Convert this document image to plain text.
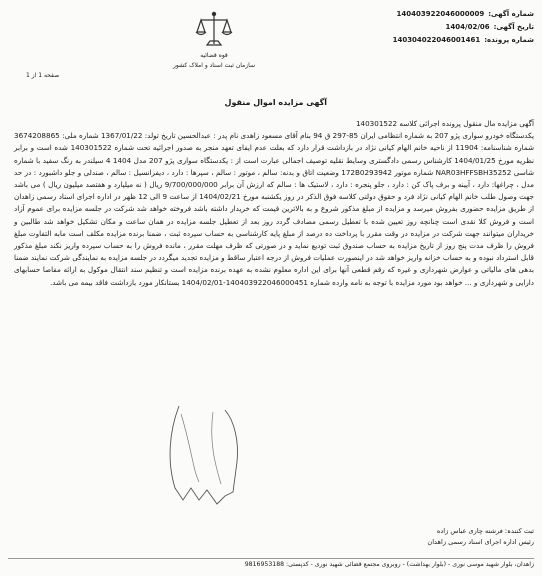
شماره آگهی:
140403922046000009
تاریخ آگهی:
1404/02/06
شماره پرونده:
140304022046001461
قوه قضائیه
سازمان ثبت اسناد و املاک کشور
صفحه 1 از 1
آگهی مزایده اموال منقول

آگهی مزایده مال منقول پرونده اجرائی کلاسه 140301522

یکدستگاه خودرو سواری پژو 207 به شماره انتظامی ایران 85-297 ق 94 بنام آقای مسعود زاهدی نام پدر : عبدالحسین تاریخ تولد: 1367/01/22 شماره ملی: 3674208865 شماره شناسنامه: 11904 از ناحیه خانم الهام کیانی نژاد در بازداشت قرار دارد که بعلت عدم ایفای تعهد منجر به صدور اجرائیه تحت شماره 140301522 شده است و برابر نظریه مورخ 1404/01/25 کارشناس رسمی دادگستری وسایط نقلیه توصیف اجمالی عبارت است از : یکدستگاه سواری پژو 207 مدل 1404 4 سیلندر به رنگ سفید با شماره شاسی NAR03HFFSBH35252 شماره موتور 172B0293942 وضعیت اتاق و بدنه: سالم ، موتور : سالم ، سپرها : دارد ، دیفرانسیل : سالم ، صندلی و جلو داشبورد : در حد مدل ، چراغها: دارد ، آیینه و برف پاک کن : دارد ، جلو پنجره : دارد ، لاستیک ها : سالم که ارزش آن برابر 9/700/000/000 ریال ( نه میلیارد و هفتصد میلیون ریال ) می باشد جهت وصول طلب خانم الهام کیانی نژاد فرد و حقوق دولتی کلاسه فوق الذکر در روز یکشنبه مورخ 1404/02/21 از ساعت 9 الی 12 ظهر در اداره اجرای اسناد رسمی زاهدان از طریق مزایده حضوری بفروش میرسد و مزایده از مبلغ مذکور شروع و به بالاترین قیمت که خریدار داشته باشد فروخته خواهد شد شرکت در جلسه مزایده برای عموم آزاد است و فروش کلا نقدی است چنانچه روز تعیین شده با تعطیل رسمی مصادف گردد روز بعد از تعطیل جلسه مزایده در همان ساعت و مکان تشکیل خواهد شد طالبین و خریداران میتوانند جهت شرکت در مزایده در وقت مقرر با پرداخت ده درصد از مبلغ پایه کارشناسی به حساب سپرده ثبت ، ضمنا برنده مزایده مکلف است مابه التفاوت مبلغ فروش را ظرف مدت پنج روز از تاریخ مزایده به حساب صندوق ثبت تودیع نماید و در صورتی که ظرف مهلت مقرر ، مانده فروش را به حساب سپرده واریز نکند مبلغ مذکور قابل استرداد نبوده و به حساب خزانه واریز خواهد شد در اینصورت عملیات فروش از درجه اعتبار ساقط و مزایده تجدید میگردد در جلسه مزایده به نمایندگی شرکت نمایند ضمنا بدهی های مالیاتی و عوارض شهرداری و غیره که رقم قطعی آنها برای این اداره معلوم نشده به عهده برنده مزایده است و تنظیم سند انتقال موکول به ارائه مفاصا حسابهای دارایی و شهرداری و ... خواهد بود مورد مزایده با توجه به نامه وارده شماره 140403922046000451-1404/02/01 بستانکار مورد بازداشت فاقد بیمه می باشد.

ثبت کنندہ: فرشته چاری عباس زاده
رئیس اداره اجرای اسناد رسمی زاهدان
زاهدان، بلوار شهید موسی نوری - (بلوار بهداشت) - روبروی مجتمع قضائی شهید نوری - کدپستی: 9816953188
